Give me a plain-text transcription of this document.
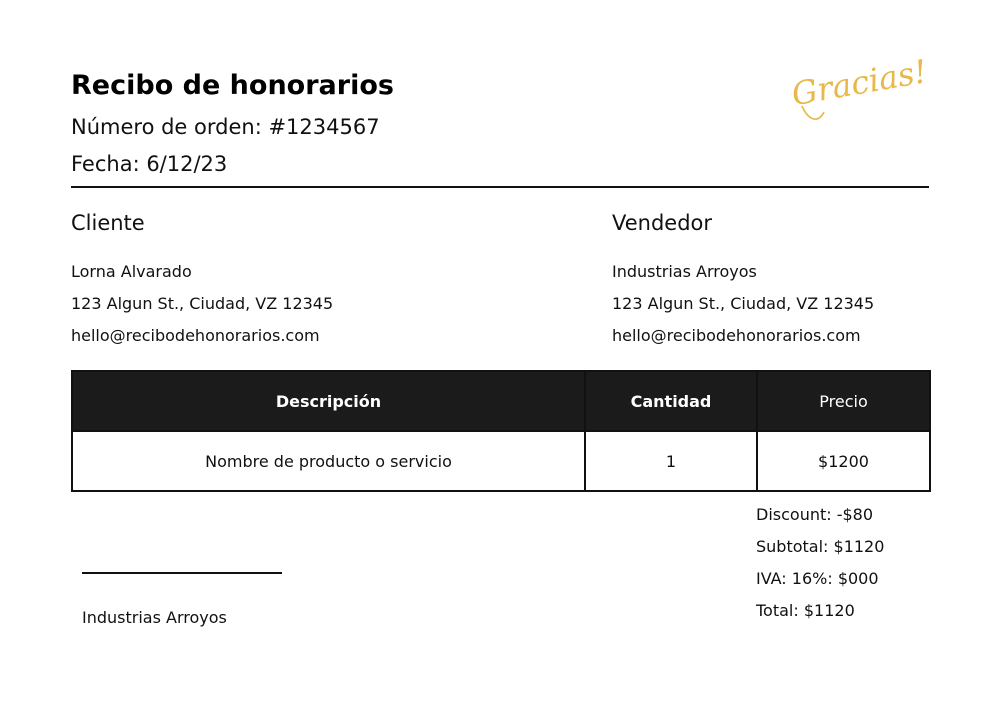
Recibo de honorarios
Número de orden: #1234567
Fecha: 6/12/23
Gracias!
Cliente
Lorna Alvarado
123 Algun St., Ciudad, VZ 12345
hello@recibodehonorarios.com
Vendedor
Industrias Arroyos
123 Algun St., Ciudad, VZ 12345
hello@recibodehonorarios.com
Descripción	Cantidad	Precio
Nombre de producto o servicio	1	$1200
Discount: -$80
Subtotal: $1120
IVA: 16%: $000
Total: $1120
Industrias Arroyos
